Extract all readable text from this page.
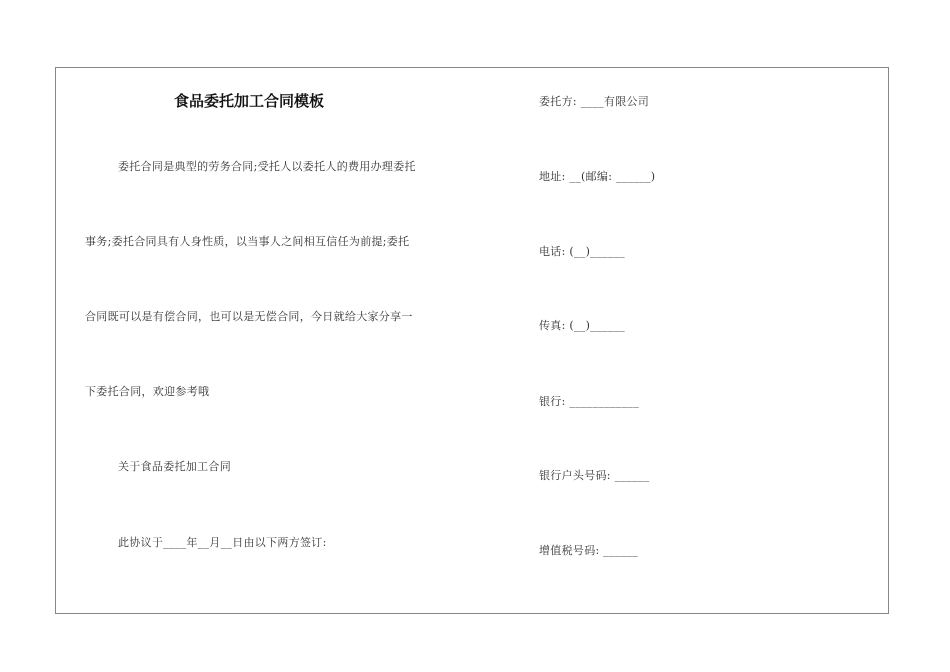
食品委托加工合同模板
委托合同是典型的劳务合同;受托人以委托人的费用办理委托
事务;委托合同具有人身性质，以当事人之间相互信任为前提;委托
合同既可以是有偿合同，也可以是无偿合同，今日就给大家分享一
下委托合同，欢迎参考哦
关于食品委托加工合同
此协议于____年__月__日由以下两方签订:
委托方: ____有限公司
地址: __(邮编: ______)
电话: (__)______
传真: (__)______
银行: ____________
银行户头号码: ______
增值税号码: ______
